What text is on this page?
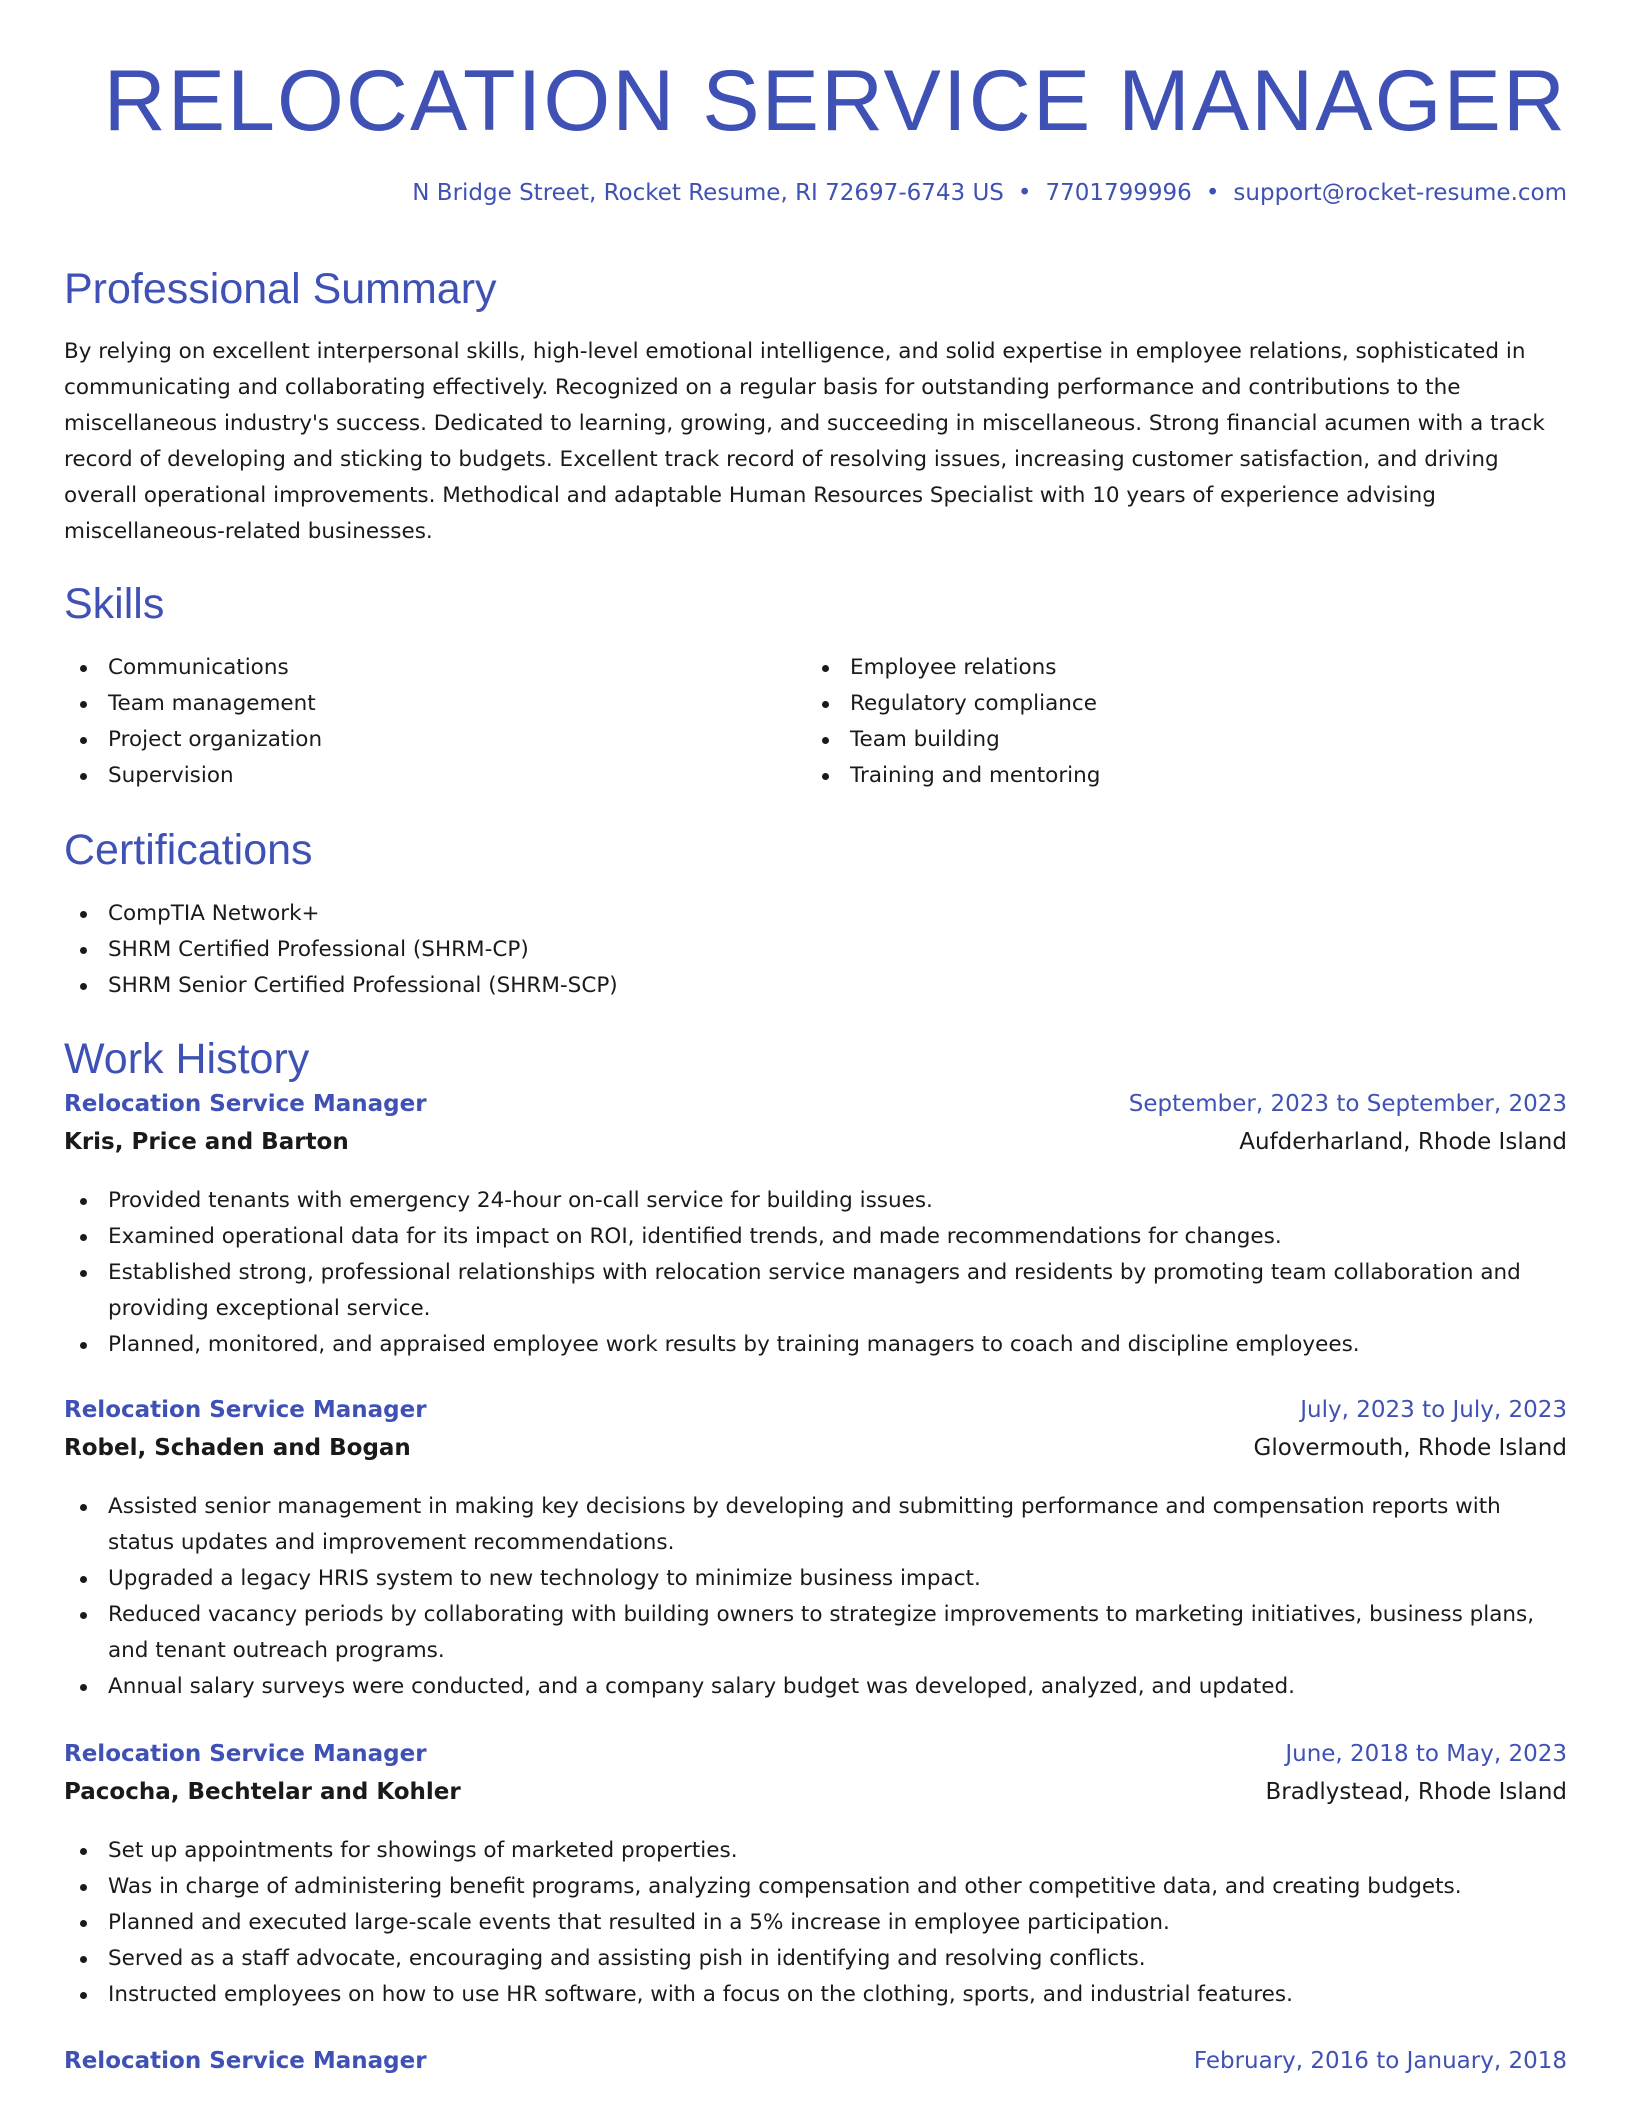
RELOCATION SERVICE MANAGER
N Bridge Street, Rocket Resume, RI 72697-6743 US • 7701799996 • support@rocket-resume.com
Professional Summary

By relying on excellent interpersonal skills, high-level emotional intelligence, and solid expertise in employee relations, sophisticated in communicating and collaborating effectively. Recognized on a regular basis for outstanding performance and contributions to the miscellaneous industry's success. Dedicated to learning, growing, and succeeding in miscellaneous. Strong financial acumen with a track record of developing and sticking to budgets. Excellent track record of resolving issues, increasing customer satisfaction, and driving overall operational improvements. Methodical and adaptable Human Resources Specialist with 10 years of experience advising miscellaneous-related businesses.

Skills
Communications
Team management
Project organization
Supervision
Employee relations
Regulatory compliance
Team building
Training and mentoring
Certifications
CompTIA Network+
SHRM Certified Professional (SHRM-CP)
SHRM Senior Certified Professional (SHRM-SCP)
Work History
Relocation Service Manager	September, 2023 to September, 2023
Kris, Price and Barton	Aufderharland, Rhode Island
Provided tenants with emergency 24-hour on-call service for building issues.
Examined operational data for its impact on ROI, identified trends, and made recommendations for changes.
Established strong, professional relationships with relocation service managers and residents by promoting team collaboration and providing exceptional service.
Planned, monitored, and appraised employee work results by training managers to coach and discipline employees.
Relocation Service Manager	July, 2023 to July, 2023
Robel, Schaden and Bogan	Glovermouth, Rhode Island
Assisted senior management in making key decisions by developing and submitting performance and compensation reports with status updates and improvement recommendations.
Upgraded a legacy HRIS system to new technology to minimize business impact.
Reduced vacancy periods by collaborating with building owners to strategize improvements to marketing initiatives, business plans, and tenant outreach programs.
Annual salary surveys were conducted, and a company salary budget was developed, analyzed, and updated.
Relocation Service Manager	June, 2018 to May, 2023
Pacocha, Bechtelar and Kohler	Bradlystead, Rhode Island
Set up appointments for showings of marketed properties.
Was in charge of administering benefit programs, analyzing compensation and other competitive data, and creating budgets.
Planned and executed large-scale events that resulted in a 5% increase in employee participation.
Served as a staff advocate, encouraging and assisting pish in identifying and resolving conflicts.
Instructed employees on how to use HR software, with a focus on the clothing, sports, and industrial features.
Relocation Service Manager	February, 2016 to January, 2018
